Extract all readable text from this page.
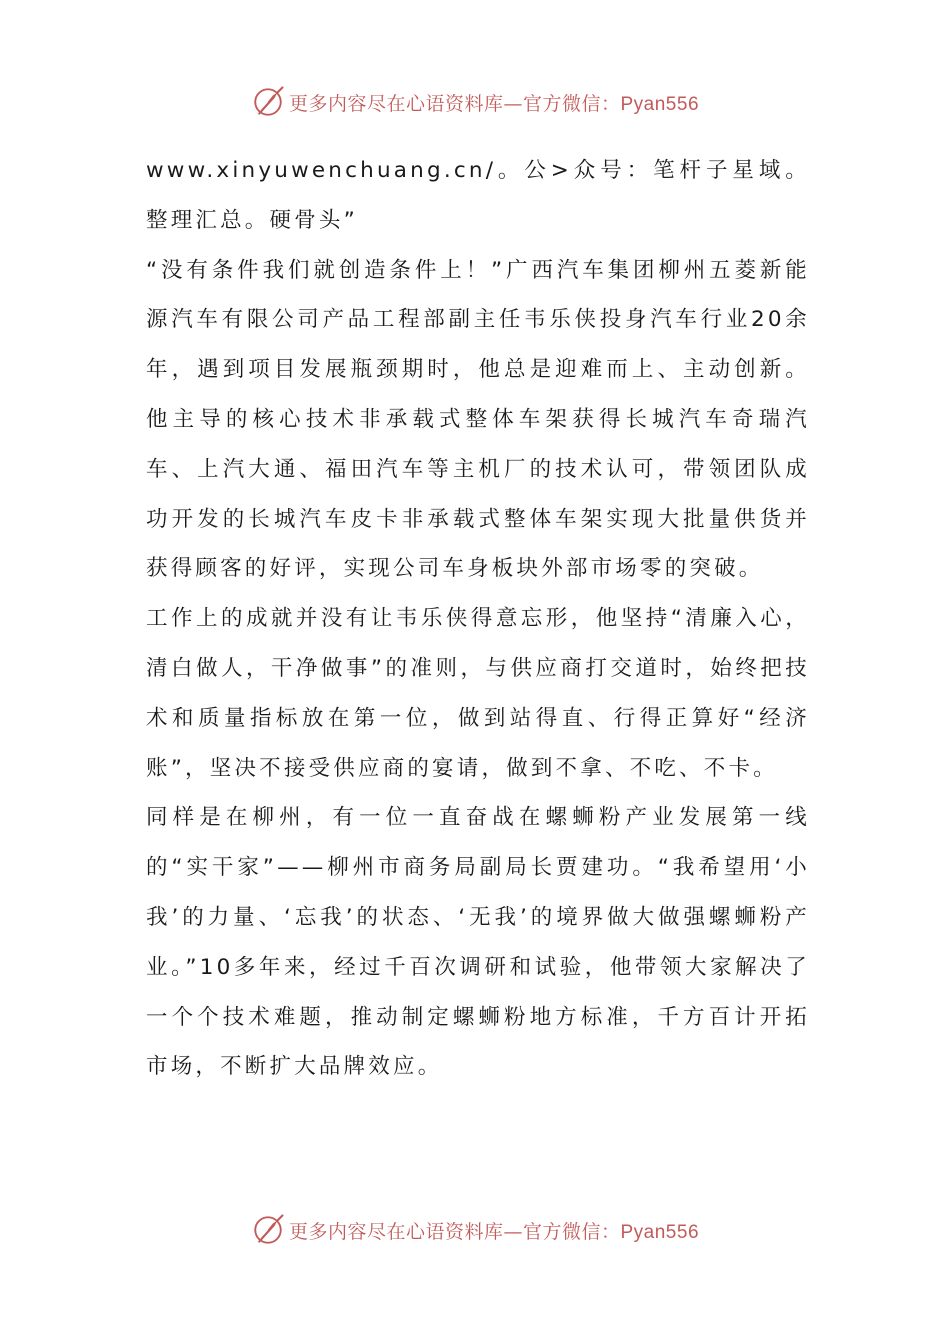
更多内容尽在心语资料库—官方微信：Pyan556

www.xinyuwenchuang.cn/。公>众号：笔杆子星域。整理汇总。硬骨头”

“没有条件我们就创造条件上！”广西汽车集团柳州五菱新能源汽车有限公司产品工程部副主任韦乐侠投身汽车行业20余年，遇到项目发展瓶颈期时，他总是迎难而上、主动创新。他主导的核心技术非承载式整体车架获得长城汽车奇瑞汽车、上汽大通、福田汽车等主机厂的技术认可，带领团队成功开发的长城汽车皮卡非承载式整体车架实现大批量供货并获得顾客的好评，实现公司车身板块外部市场零的突破。

工作上的成就并没有让韦乐侠得意忘形，他坚持“清廉入心，清白做人，干净做事”的准则，与供应商打交道时，始终把技术和质量指标放在第一位，做到站得直、行得正算好“经济账”，坚决不接受供应商的宴请，做到不拿、不吃、不卡。

同样是在柳州，有一位一直奋战在螺蛳粉产业发展第一线的“实干家”——柳州市商务局副局长贾建功。“我希望用‘小我’的力量、‘忘我’的状态、‘无我’的境界做大做强螺蛳粉产业。”10多年来，经过千百次调研和试验，他带领大家解决了一个个技术难题，推动制定螺蛳粉地方标准，千方百计开拓市场，不断扩大品牌效应。

更多内容尽在心语资料库—官方微信：Pyan556
